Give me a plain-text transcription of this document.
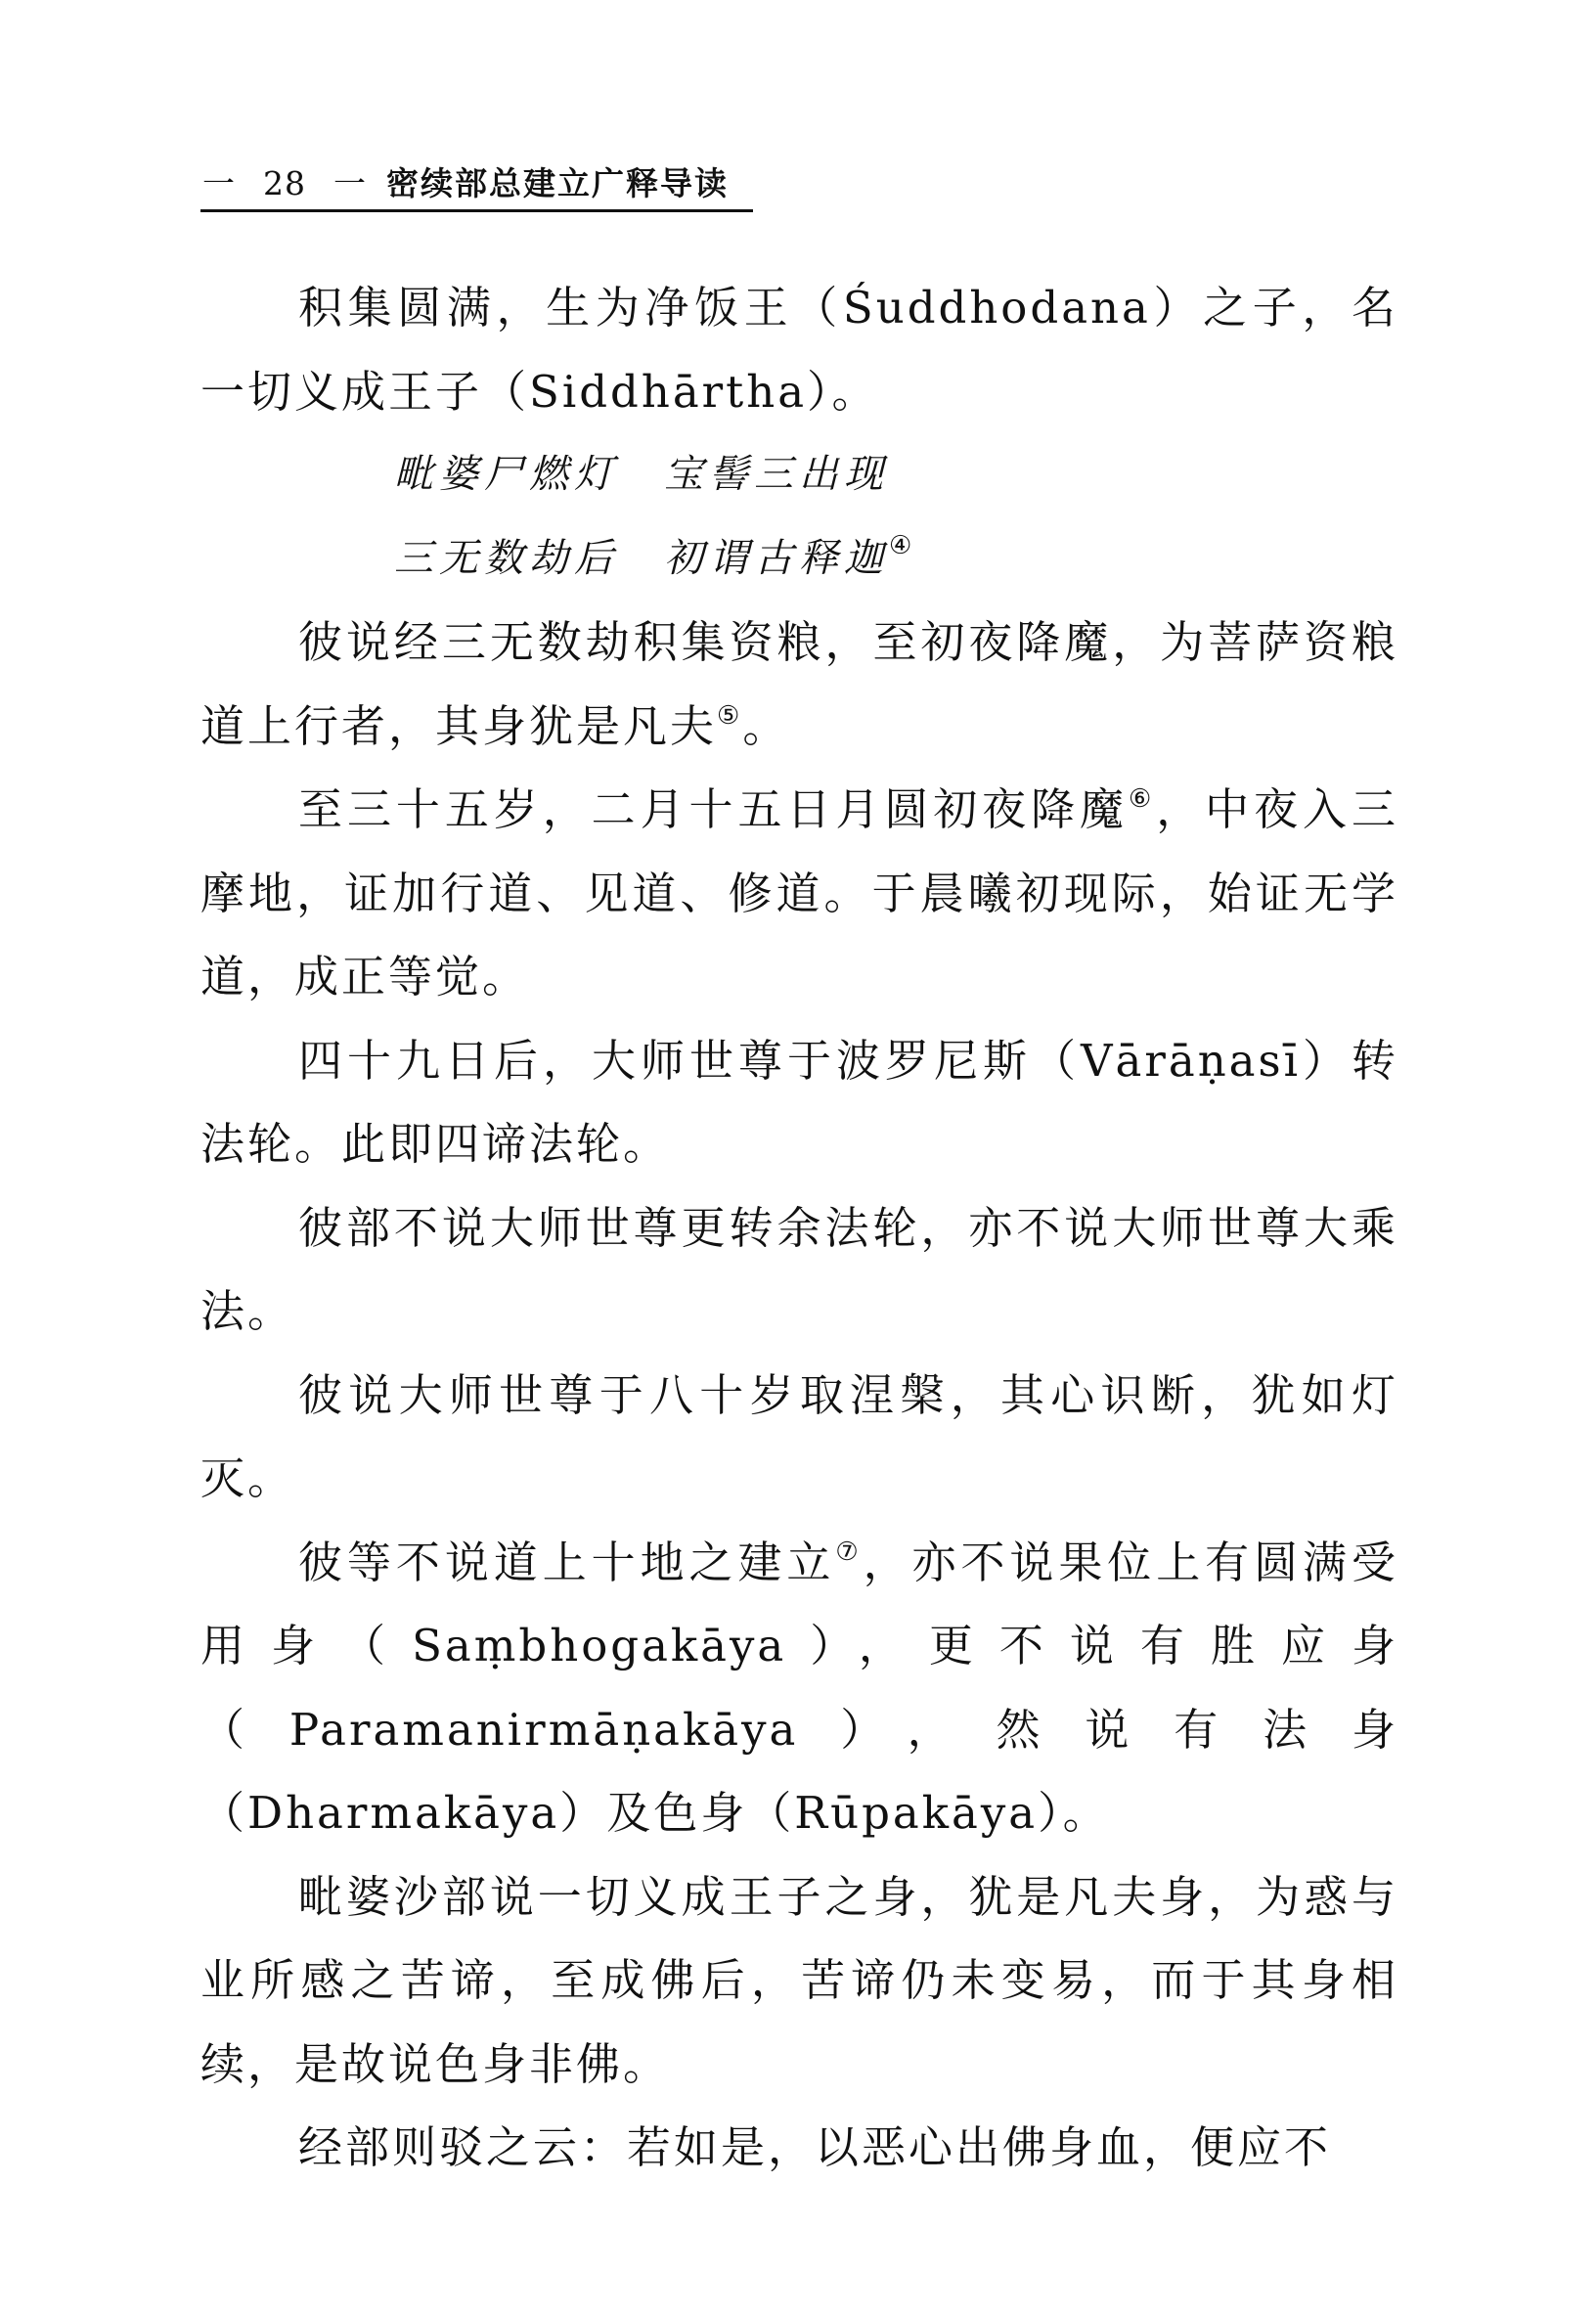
一 28 一 密续部总建立广释导读

积集圆满，生为净饭王（Śuddhodana）之子，名一切义成王子（Siddhārtha）。

毗婆尸燃灯　宝髻三出现

三无数劫后　初谓古释迦④

彼说经三无数劫积集资粮，至初夜降魔，为菩萨资粮道上行者，其身犹是凡夫⑤。

至三十五岁，二月十五日月圆初夜降魔⑥，中夜入三摩地，证加行道、见道、修道。于晨曦初现际，始证无学道，成正等觉。

四十九日后，大师世尊于波罗尼斯（Vārāṇasī）转法轮。此即四谛法轮。

彼部不说大师世尊更转余法轮，亦不说大师世尊大乘法。

彼说大师世尊于八十岁取涅槃，其心识断，犹如灯灭。

彼等不说道上十地之建立⑦，亦不说果位上有圆满受用身（Saṃbhogakāya），更不说有胜应身（Paramanirmāṇakāya），然说有法身（Dharmakāya）及色身（Rūpakāya）。

毗婆沙部说一切义成王子之身，犹是凡夫身，为惑与业所感之苦谛，至成佛后，苦谛仍未变易，而于其身相续，是故说色身非佛。

经部则驳之云：若如是，以恶心出佛身血，便应不
